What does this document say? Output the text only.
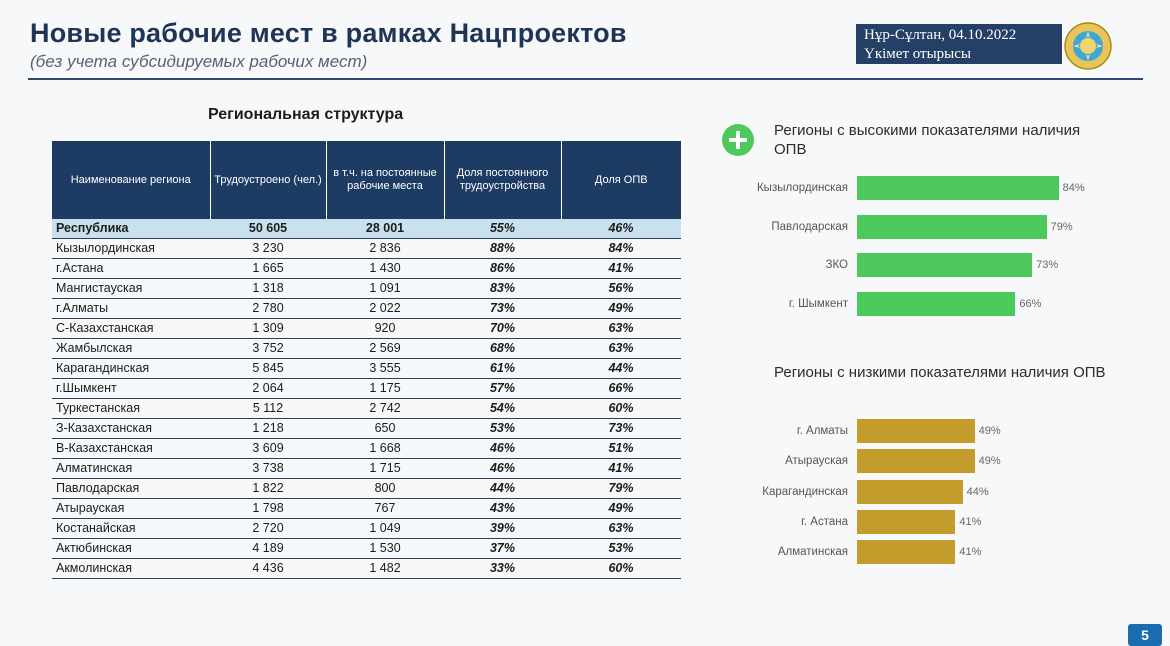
Новые рабочие мест в рамках Нацпроектов
(без учета субсидируемых рабочих мест)
Нұр-Сұлтан, 04.10.2022
Үкімет отырысы
Региональная структура
Наименование региона	Трудоустроено (чел.)	в т.ч. на постоянные рабочие места	Доля постоянного трудоустройства	Доля ОПВ
Республика	50 605	28 001	55%	46%
Кызылординская	3 230	2 836	88%	84%
г.Астана	1 665	1 430	86%	41%
Мангистауская	1 318	1 091	83%	56%
г.Алматы	2 780	2 022	73%	49%
С-Казахстанская	1 309	920	70%	63%
Жамбылская	3 752	2 569	68%	63%
Карагандинская	5 845	3 555	61%	44%
г.Шымкент	2 064	1 175	57%	66%
Туркестанская	5 112	2 742	54%	60%
З-Казахстанская	1 218	650	53%	73%
В-Казахстанская	3 609	1 668	46%	51%
Алматинская	3 738	1 715	46%	41%
Павлодарская	1 822	800	44%	79%
Атырауская	1 798	767	43%	49%
Костанайская	2 720	1 049	39%	63%
Актюбинская	4 189	1 530	37%	53%
Акмолинская	4 436	1 482	33%	60%
Регионы с высокими показателями наличия ОПВ
Кызылординская	84%
Павлодарская	79%
ЗКО	73%
г. Шымкент	66%
Регионы с низкими показателями наличия ОПВ
г. Алматы	49%
Атырауская	49%
Карагандинская	44%
г. Астана	41%
Алматинская	41%
5
